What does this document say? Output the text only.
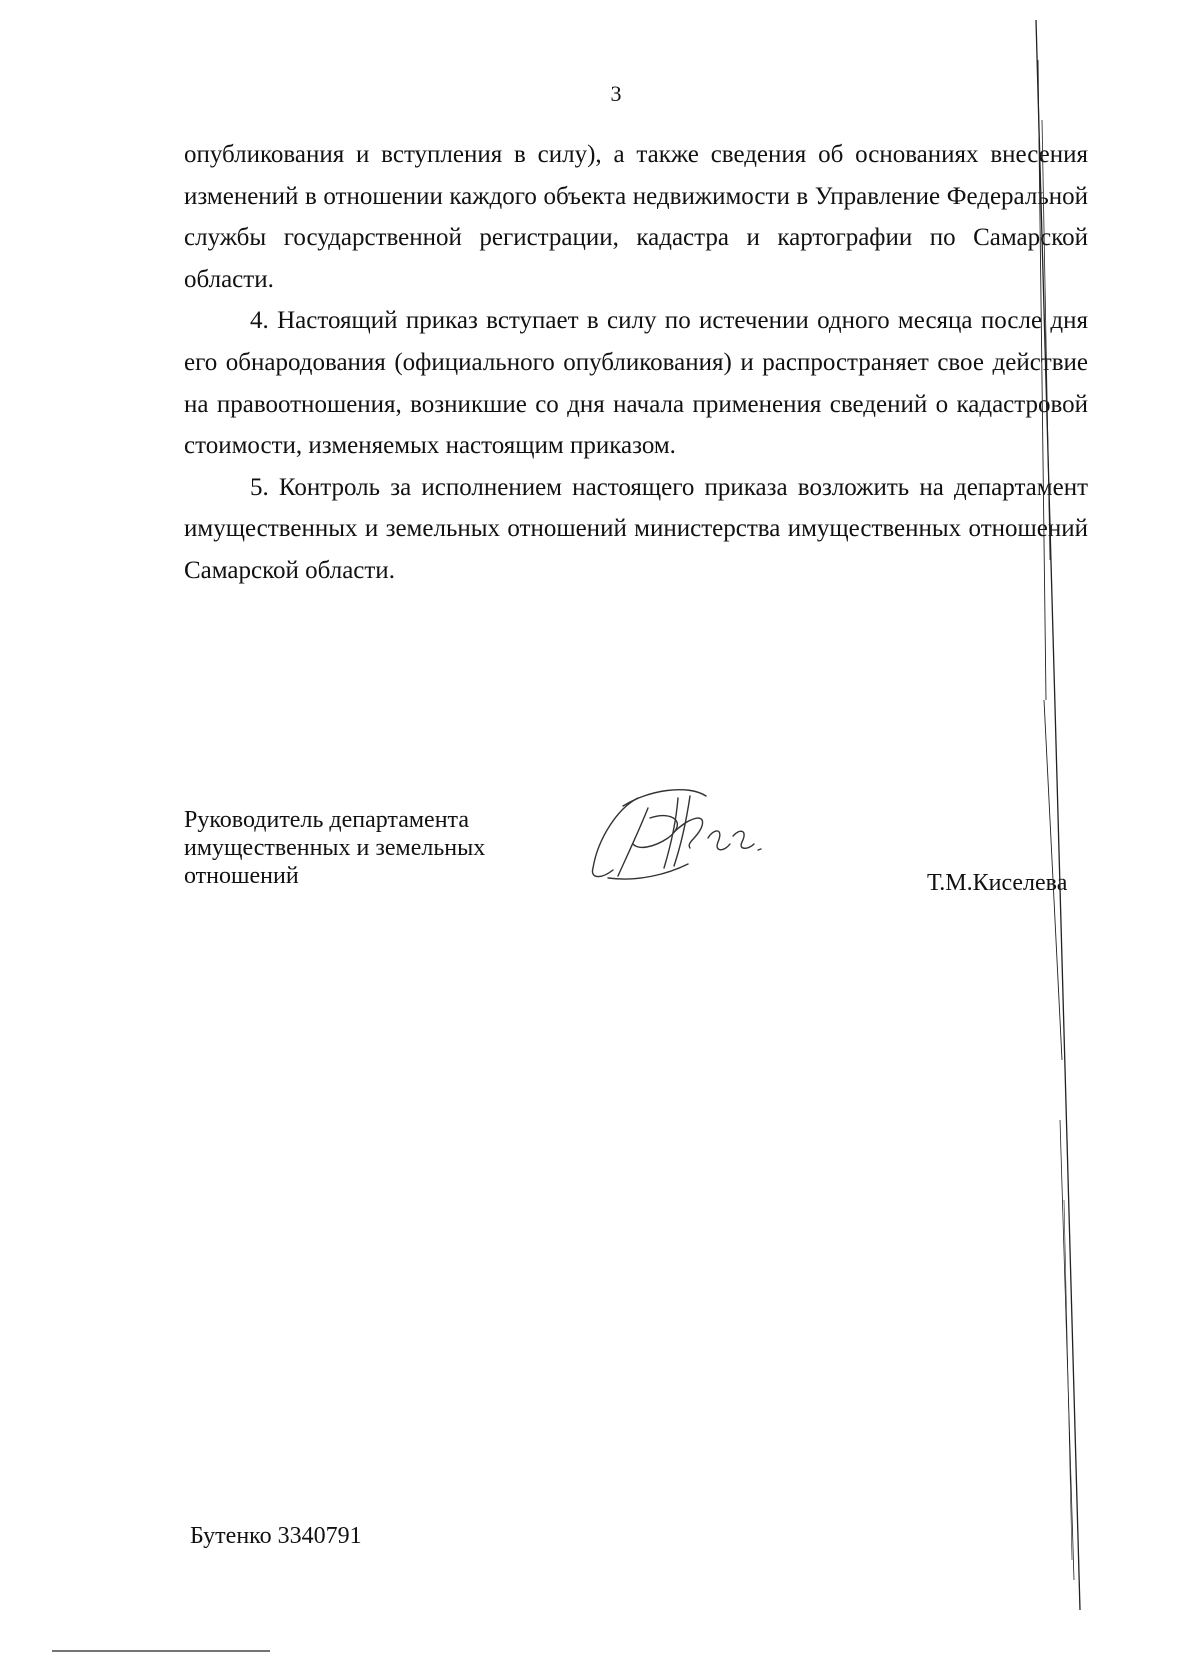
3

опубликования и вступления в силу), а также сведения об основаниях внесения изменений в отношении каждого объекта недвижимости в Управление Федеральной службы государственной регистрации, кадастра и картографии по Самарской области.

4. Настоящий приказ вступает в силу по истечении одного месяца после дня его обнародования (официального опубликования) и распространяет свое действие на правоотношения, возникшие со дня начала применения сведений о кадастровой стоимости, изменяемых настоящим приказом.

5. Контроль за исполнением настоящего приказа возложить на департамент имущественных и земельных отношений министерства имущественных отношений Самарской области.

Руководитель департамента
имущественных и земельных
отношений	Т.М.Киселева
Бутенко 3340791
